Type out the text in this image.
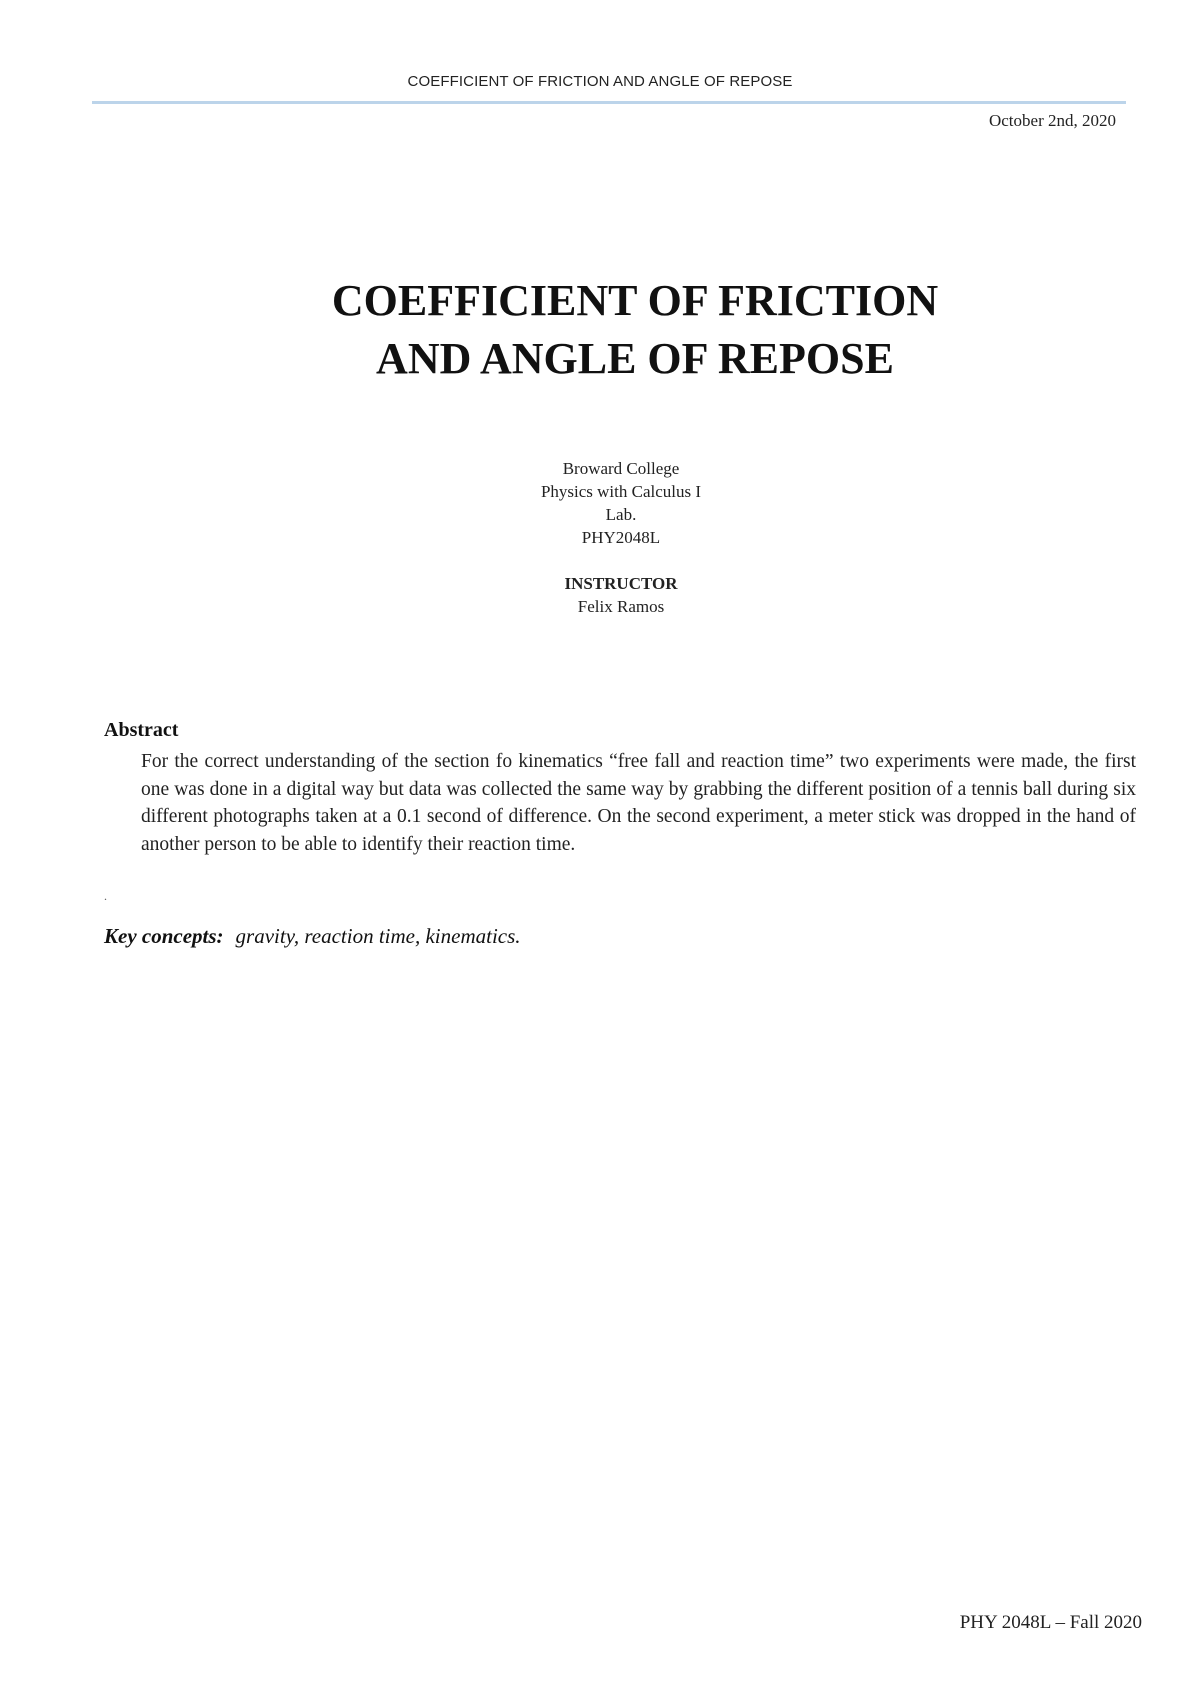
COEFFICIENT OF FRICTION AND ANGLE OF REPOSE
October 2nd, 2020
COEFFICIENT OF FRICTION
AND ANGLE OF REPOSE
Broward College
Physics with Calculus I
Lab.
PHY2048L
INSTRUCTOR
Felix Ramos
Abstract
For the correct understanding of the section fo kinematics “free fall and reaction time” two experiments were made, the first one was done in a digital way but data was collected the same way by grabbing the different position of a tennis ball during six different photographs taken at a 0.1 second of difference. On the second experiment, a meter stick was dropped in the hand of another person to be able to identify their reaction time.
.
Key concepts: gravity, reaction time, kinematics.
PHY 2048L – Fall 2020
